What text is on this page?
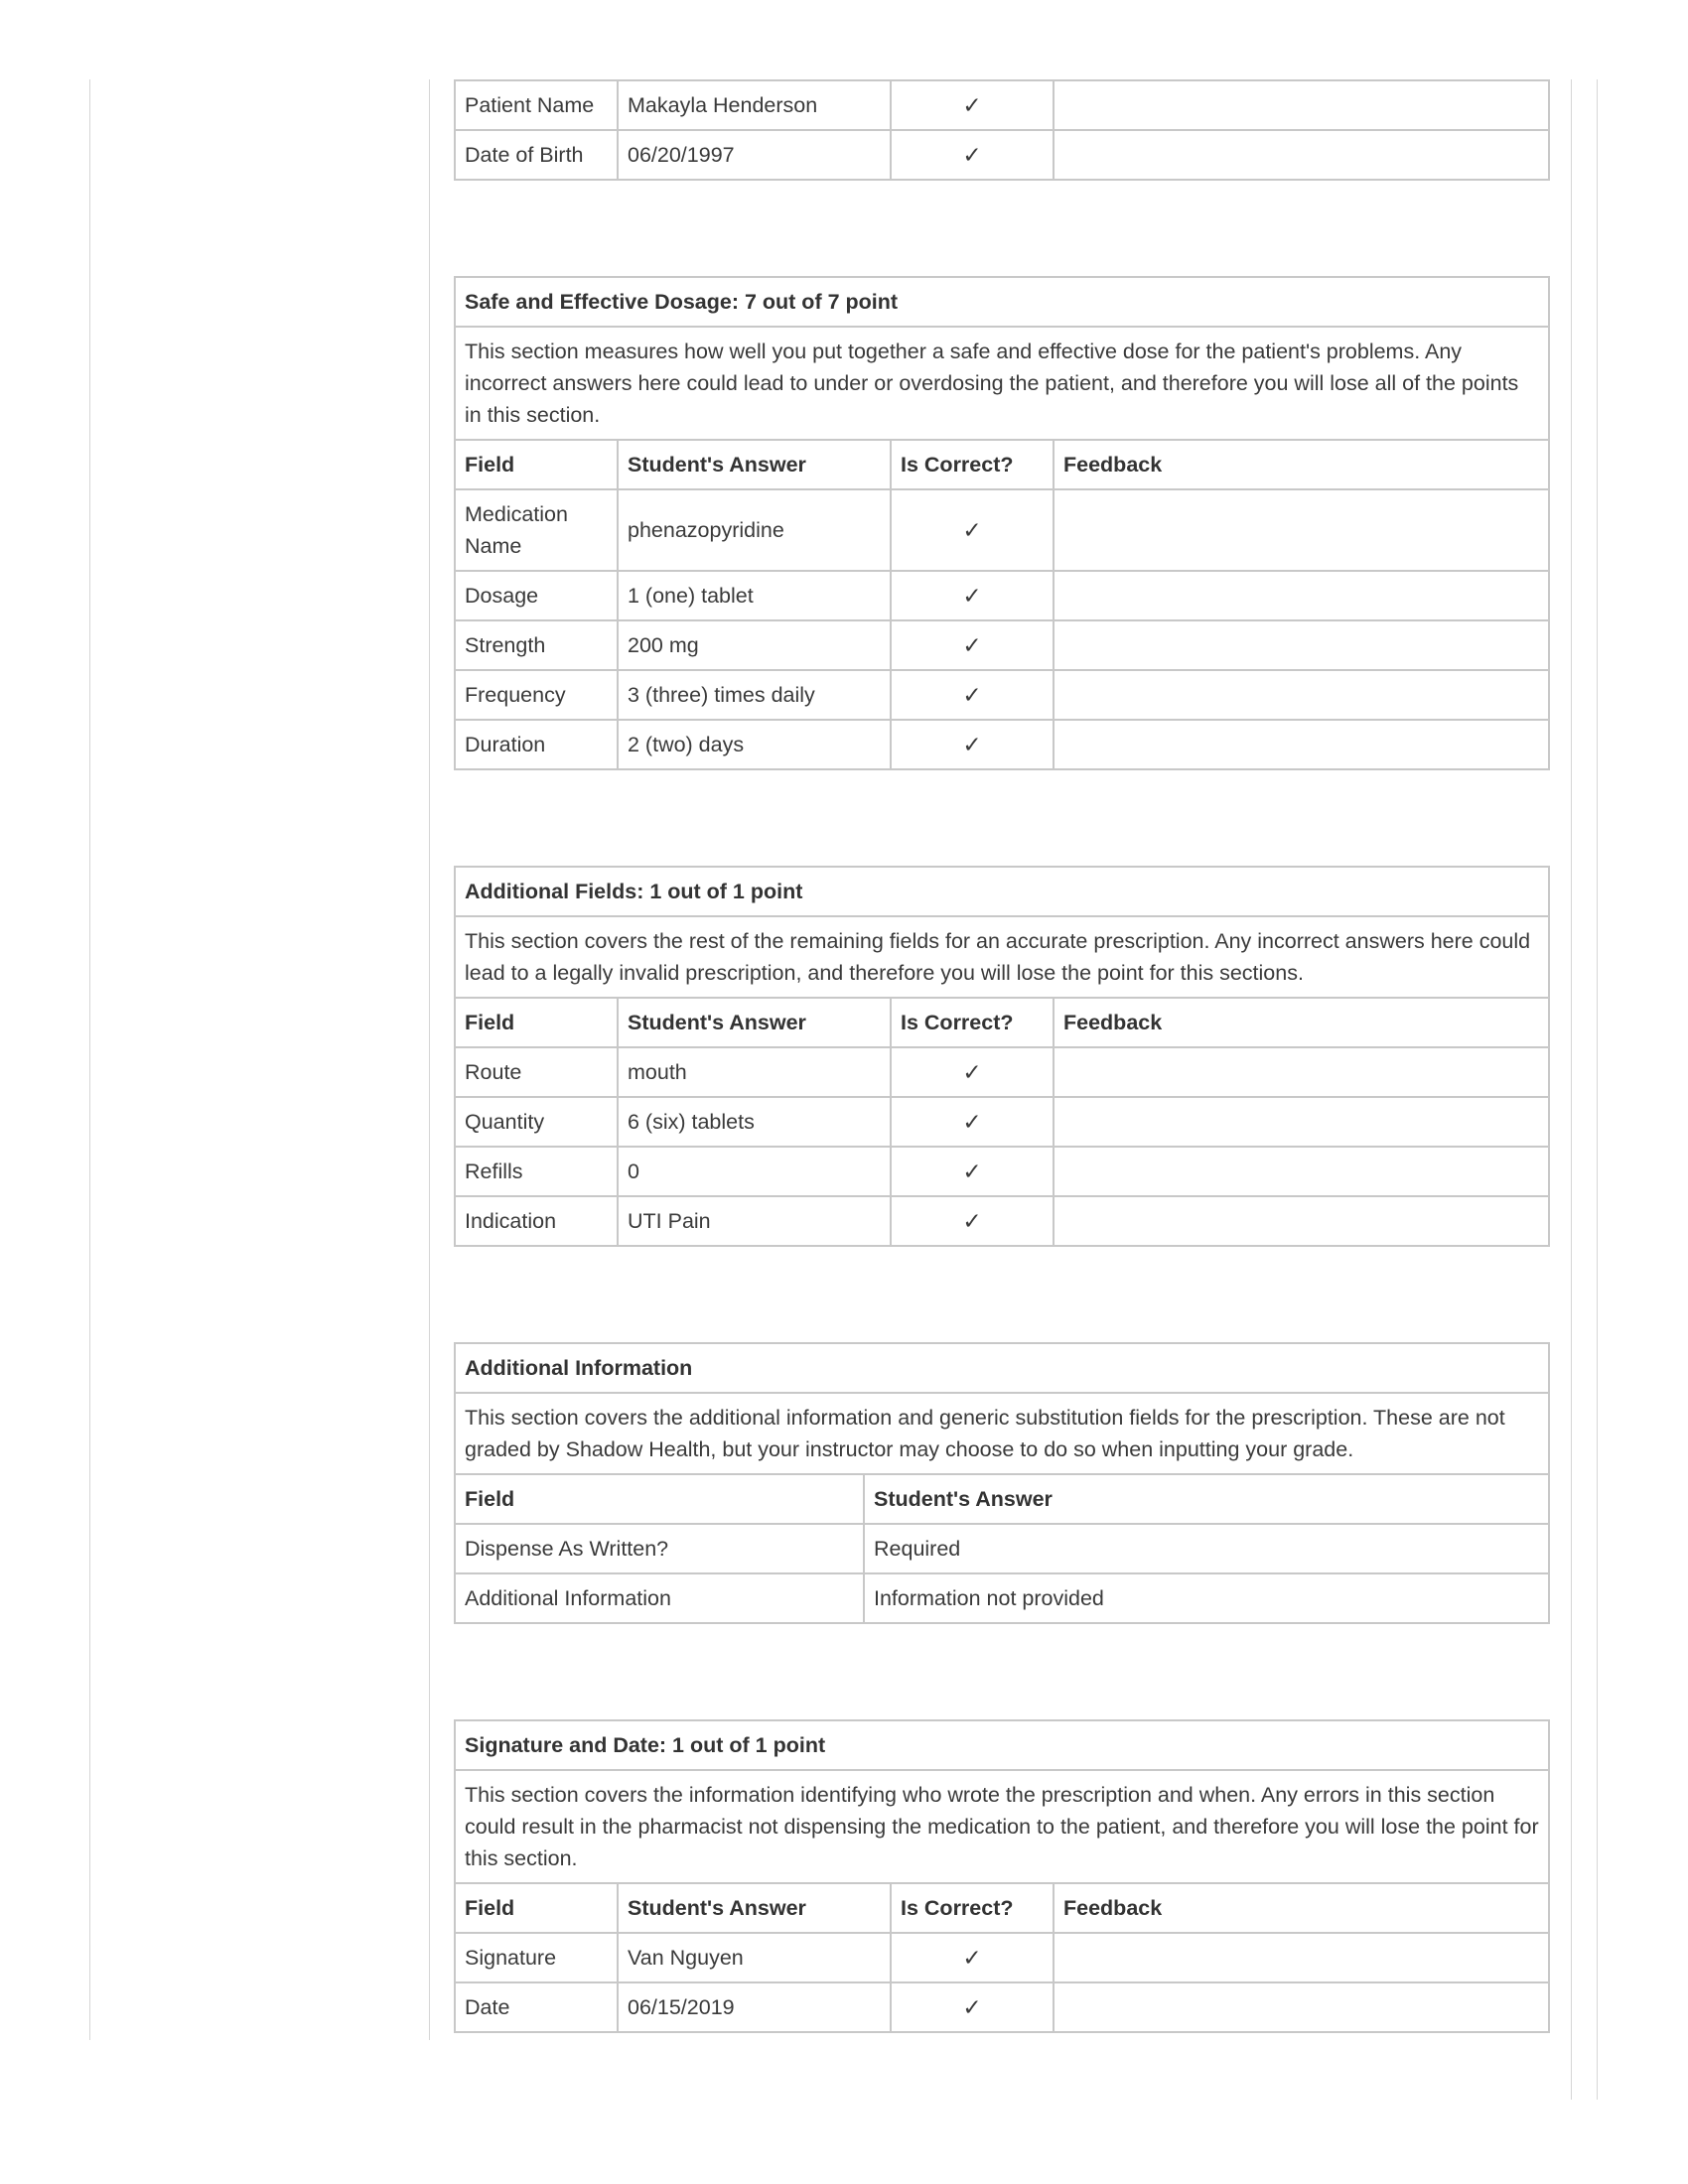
Patient Name	Makayla Henderson	✓	
Date of Birth	06/20/1997	✓	
Safe and Effective Dosage: 7 out of 7 point			
This section measures how well you put together a safe and effective dose for the patient's problems. Any incorrect answers here could lead to under or overdosing the patient, and therefore you will lose all of the points in this section.			
Field	Student's Answer	Is Correct?	Feedback
Medication Name	phenazopyridine	✓	
Dosage	1 (one) tablet	✓	
Strength	200 mg	✓	
Frequency	3 (three) times daily	✓	
Duration	2 (two) days	✓	
Additional Fields: 1 out of 1 point			
This section covers the rest of the remaining fields for an accurate prescription. Any incorrect answers here could lead to a legally invalid prescription, and therefore you will lose the point for this sections.			
Field	Student's Answer	Is Correct?	Feedback
Route	mouth	✓	
Quantity	6 (six) tablets	✓	
Refills	0	✓	
Indication	UTI Pain	✓	
Additional Information	
This section covers the additional information and generic substitution fields for the prescription. These are not graded by Shadow Health, but your instructor may choose to do so when inputting your grade.	
Field	Student's Answer
Dispense As Written?	Required
Additional Information	Information not provided
Signature and Date: 1 out of 1 point			
This section covers the information identifying who wrote the prescription and when. Any errors in this section could result in the pharmacist not dispensing the medication to the patient, and therefore you will lose the point for this section.			
Field	Student's Answer	Is Correct?	Feedback
Signature	Van Nguyen	✓	
Date	06/15/2019	✓	
